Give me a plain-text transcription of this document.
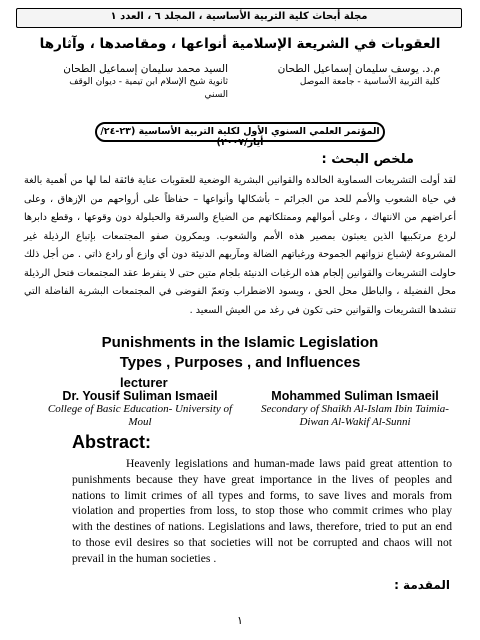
مجلة أبحاث كلية التربية الأساسية ، المجلد ٦ ، العدد ١
العقوبات في الشريعة الإسلامية أنواعها ، ومقاصدها ، وآثارها
م.د. يوسف سليمان إسماعيل الطحان
كلية التربية الأساسية - جامعة الموصل
السيد محمد سليمان إسماعيل الطحان
ثانوية شيخ الإسلام ابن تيمية - ديوان الوقف السني
المؤتمر العلمي السنوي الأول لكلية التربية الأساسية (٢٣-٢٤/أيار/٢٠٠٧)
ملخص البحث :
لقد أولت التشريعات السماوية الخالدة والقوانين البشرية الوضعية للعقوبات عناية فائقة لما لها من أهمية بالغة في حياة الشعوب والأمم للحد من الجرائم – بأشكالها وأنواعها – حفاظاً على أرواحهم من الإزهاق ، وعلى أعراضهم من الانتهاك ، وعلى أموالهم وممتلكاتهم من الضياع والسرقة والحيلولة دون وقوعها ، وقطع دابرها لردع مرتكبيها الذين يعبثون بمصير هذه الأمم والشعوب. ويمكرون صفو المجتمعات بإتباع الرذيلة غير المشروعة لإشباع نزواتهم الجموحة ورغباتهم الضالة ومآربهم الدنيئة دون أي وازع أو رادع ذاتي . من أجل ذلك حاولت التشريعات والقوانين إلجام هذه الرغبات الدنيئة بلجام متين حتى لا ينفرط عقد المجتمعات فتحل الرذيلة محل الفضيلة ، والباطل محل الحق ، ويسود الاضطراب وتعمّ الفوضى في المجتمعات البشرية الفاضلة التي تنشدها التشريعات والقوانين حتى تكون في رغد من العيش السعيد .
Punishments in the Islamic Legislation
Types , Purposes , and Influences
lecturer
Dr. Yousif Suliman Ismaeil
College of Basic Education- University of Moul
Mohammed Suliman Ismaeil
Secondary of Shaikh Al-Islam Ibin Taimia- Diwan Al-Wakif Al-Sunni
Abstract:
Heavenly legislations and human-made laws paid great attention to punishments because they have great importance in the lives of peoples and nations to limit crimes of all types and forms, to save lives and morals from violation and properties from loss, to stop those who commit crimes who play with the destines of nations. Legislations and laws, therefore, tried to put an end to those evil desires so that societies will not be corrupted and chaos will not prevail in the human societies .
المقدمة :
١
